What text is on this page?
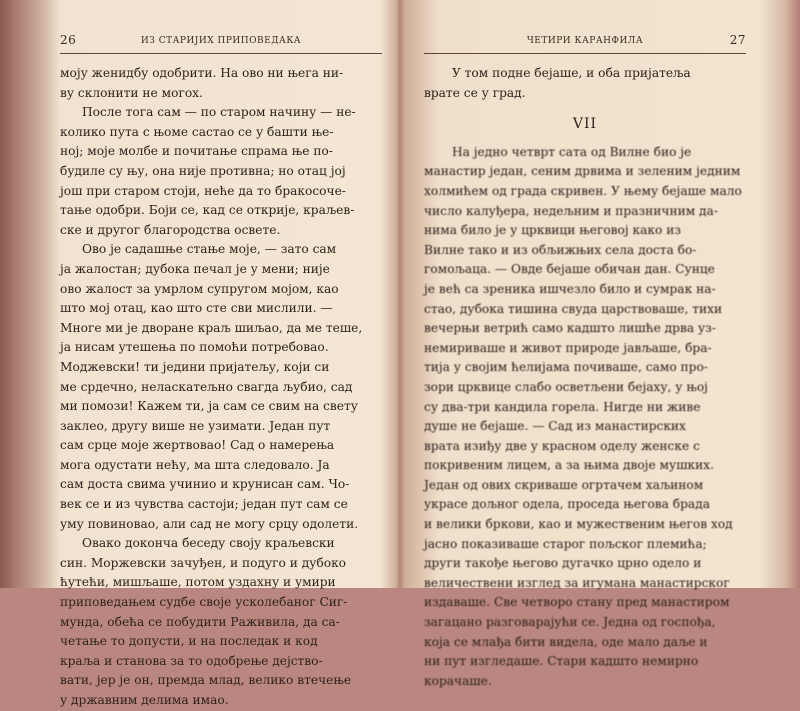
26	ИЗ СТАРИЈИХ ПРИПОВЕДАКА

моју женидбу одобрити. На ово ни њега ни-
ву склонити не могох.

После тога сам — по старом начину — не-
колико пута с њоме састао се у башти ње-
ној; моје молбе и почитање спрама ње по-
будиле су њу, она није противна; но отац јој
још при старом стоји, неће да то бракосоче-
тање одобри. Боји се, кад се открије, краљев-
ске и другог благородства освете.

Ово је садашње стање моје, — зато сам
ја жалостан; дубока печал је у мени; није
ово жалост за умрлом супругом мојом, као
што мој отац, као што сте сви мислили. —
Многе ми је дворане краљ шиљао, да ме теше,
ја нисам утешења по помоћи потребовао.
Моджевски! ти једини пријатељу, који си
ме срдечно, неласкатељно свагда љубио, сад
ми помози! Кажем ти, ја сам се свим на свету
заклео, другу више не узимати. Један пут
сам срце моје жертвовао! Сад о намерења
мога одустати нећу, ма шта следовало. Ја
сам доста свима учинио и крунисан сам. Чо-
век се и из чувства састоји; један пут сам се
уму повиновао, али сад не могу срцу одолети.

Овако доконча беседу своју краљевски
син. Моржевски зачуђен, и подуго и дубоко
ћутећи, мишљаше, потом уздахну и умири
приповедањем судбе своје усколебаног Сиг-
мунда, обећа се побудити Раживила, да са-
четање то допусти, и на последак и код
краља и станова за то одобрење дејство-
вати, јер је он, премда млад, велико втечење
у државним делима имао.

ЧЕТИРИ КАРАНФИЛА	27

У том подне бејаше, и оба пријатеља
врате се у град.

VII

На једно четврт сата од Вилне био је
манастир један, сеним дрвима и зеленим једним
холмићем од града скривен. У њему бејаше мало
число калуђера, недељним и празничним да-
нима било је у црквици његовој како из
Вилне тако и из обљижњих села доста бо-
гомољаца. — Овде бејаше обичан дан. Сунце
је већ са зреника ишчезло било и сумрак на-
стао, дубока тишина свуда царствоваше, тихи
вечерњи ветрић само кадшто лишће дрва уз-
немириваше и живот природе јављаше, бра-
тија у својим ћелијама почиваше, само про-
зори црквице слабо осветљени бејаху, у њој
су два-три кандила горела. Нигде ни живе
душе не бејаше. — Сад из манастирских
врата изиђу две у красном оделу женске с
покривеним лицем, а за њима двоје мушких.
Један од ових скриваше огртачем хаљином
украсе дољног одела, проседа његова брада
и велики бркови, као и мужественим његов ход
јасно показиваше старог пољског племића;
други такође његово дугачко црно одело и
величествени изглед за игумана манастирског
издаваше. Све четворо стану пред манастиром
загацано разговарајући се. Једна од госпођа,
која се млађа бити видела, оде мало даље и
ни пут изгледаше. Стари кадшто немирно
корачаше.
